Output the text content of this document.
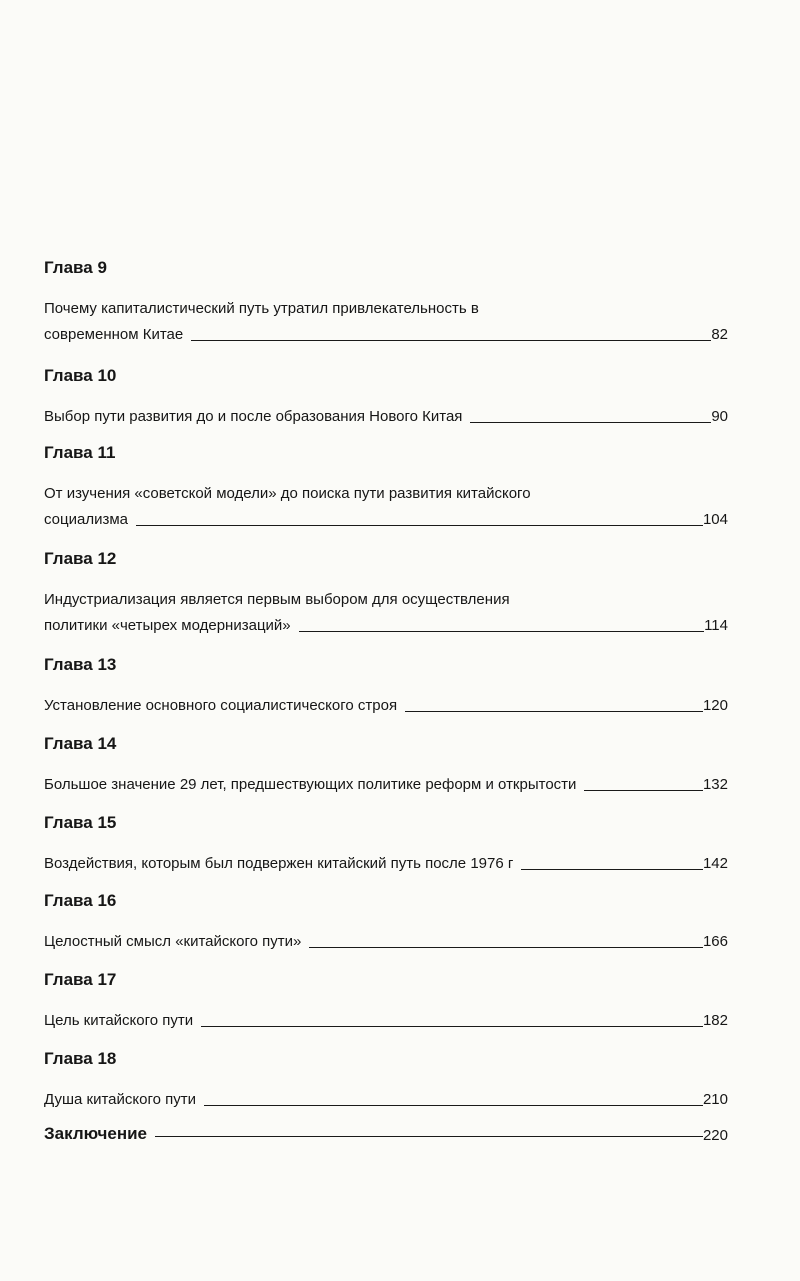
Глава 9
Почему капиталистический путь утратил привлекательность в
современном Китае	82
Глава 10
Выбор пути развития до и после образования Нового Китая	90
Глава 11
От изучения «советской модели» до поиска пути развития китайского
социализма	104
Глава 12
Индустриализация является первым выбором для осуществления
политики «четырех модернизаций»	114
Глава 13
Установление основного социалистического строя	120
Глава 14
Большое значение 29 лет, предшествующих политике реформ и открытости	132
Глава 15
Воздействия, которым был подвержен китайский путь после 1976 г	142
Глава 16
Целостный смысл «китайского пути»	166
Глава 17
Цель китайского пути	182
Глава 18
Душа китайского пути	210
Заключение	220
